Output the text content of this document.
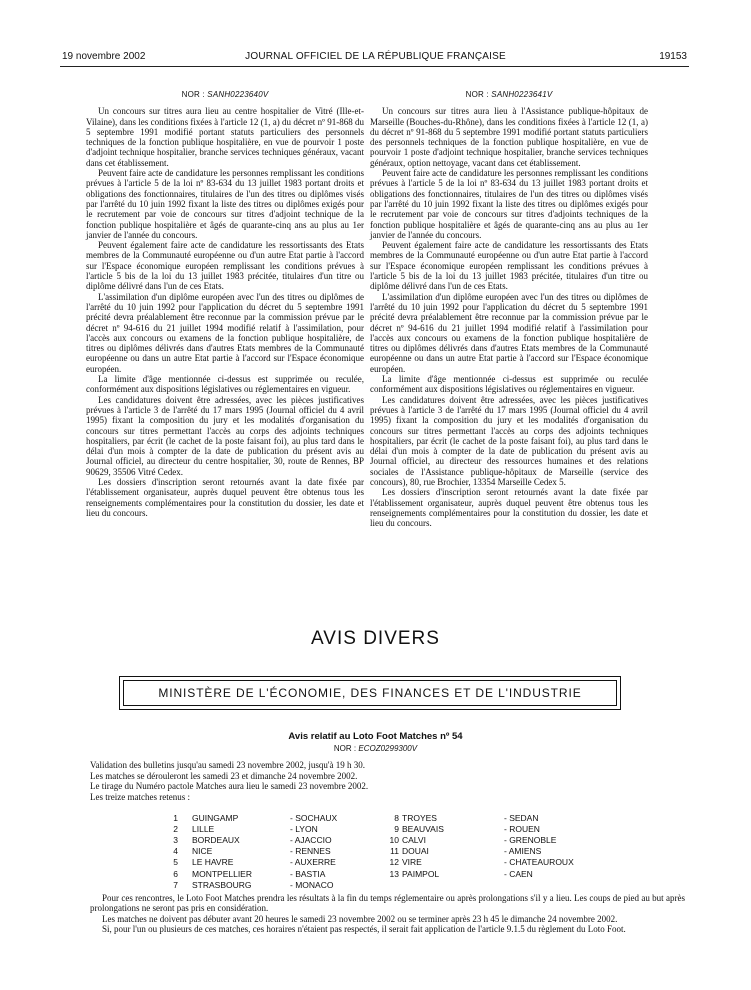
19 novembre 2002	JOURNAL OFFICIEL DE LA RÉPUBLIQUE FRANÇAISE	19153
NOR : SANH0223640V

Un concours sur titres aura lieu au centre hospitalier de Vitré (Ille-et-Vilaine), dans les conditions fixées à l'article 12 (1, a) du décret nº 91-868 du 5 septembre 1991 modifié portant statuts particuliers des personnels techniques de la fonction publique hospitalière, en vue de pourvoir 1 poste d'adjoint technique hospitalier, branche services techniques généraux, vacant dans cet établissement.

Peuvent faire acte de candidature les personnes remplissant les conditions prévues à l'article 5 de la loi nº 83-634 du 13 juillet 1983 portant droits et obligations des fonctionnaires, titulaires de l'un des titres ou diplômes visés par l'arrêté du 10 juin 1992 fixant la liste des titres ou diplômes exigés pour le recrutement par voie de concours sur titres d'adjoint technique de la fonction publique hospitalière et âgés de quarante-cinq ans au plus au 1er janvier de l'année du concours.

Peuvent également faire acte de candidature les ressortissants des Etats membres de la Communauté européenne ou d'un autre Etat partie à l'accord sur l'Espace économique européen remplissant les conditions prévues à l'article 5 bis de la loi du 13 juillet 1983 précitée, titulaires d'un titre ou diplôme délivré dans l'un de ces Etats.

L'assimilation d'un diplôme européen avec l'un des titres ou diplômes de l'arrêté du 10 juin 1992 pour l'application du décret du 5 septembre 1991 précité devra préalablement être reconnue par la commission prévue par le décret nº 94-616 du 21 juillet 1994 modifié relatif à l'assimilation, pour l'accès aux concours ou examens de la fonction publique hospitalière, de titres ou diplômes délivrés dans d'autres Etats membres de la Communauté européenne ou dans un autre Etat partie à l'accord sur l'Espace économique européen.

La limite d'âge mentionnée ci-dessus est supprimée ou reculée, conformément aux dispositions législatives ou réglementaires en vigueur.

Les candidatures doivent être adressées, avec les pièces justificatives prévues à l'article 3 de l'arrêté du 17 mars 1995 (Journal officiel du 4 avril 1995) fixant la composition du jury et les modalités d'organisation du concours sur titres permettant l'accès au corps des adjoints techniques hospitaliers, par écrit (le cachet de la poste faisant foi), au plus tard dans le délai d'un mois à compter de la date de publication du présent avis au Journal officiel, au directeur du centre hospitalier, 30, route de Rennes, BP 90629, 35506 Vitré Cedex.

Les dossiers d'inscription seront retournés avant la date fixée par l'établissement organisateur, auprès duquel peuvent être obtenus tous les renseignements complémentaires pour la constitution du dossier, les date et lieu du concours.

NOR : SANH0223641V

Un concours sur titres aura lieu à l'Assistance publique-hôpitaux de Marseille (Bouches-du-Rhône), dans les conditions fixées à l'article 12 (1, a) du décret nº 91-868 du 5 septembre 1991 modifié portant statuts particuliers des personnels techniques de la fonction publique hospitalière, en vue de pourvoir 1 poste d'adjoint technique hospitalier, branche services techniques généraux, option nettoyage, vacant dans cet établissement.

Peuvent faire acte de candidature les personnes remplissant les conditions prévues à l'article 5 de la loi nº 83-634 du 13 juillet 1983 portant droits et obligations des fonctionnaires, titulaires de l'un des titres ou diplômes visés par l'arrêté du 10 juin 1992 fixant la liste des titres ou diplômes exigés pour le recrutement par voie de concours sur titres d'adjoints techniques de la fonction publique hospitalière et âgés de quarante-cinq ans au plus au 1er janvier de l'année du concours.

Peuvent également faire acte de candidature les ressortissants des Etats membres de la Communauté européenne ou d'un autre Etat partie à l'accord sur l'Espace économique européen remplissant les conditions prévues à l'article 5 bis de la loi du 13 juillet 1983 précitée, titulaires d'un titre ou diplôme délivré dans l'un de ces Etats.

L'assimilation d'un diplôme européen avec l'un des titres ou diplômes de l'arrêté du 10 juin 1992 pour l'application du décret du 5 septembre 1991 précité devra préalablement être reconnue par la commission prévue par le décret nº 94-616 du 21 juillet 1994 modifié relatif à l'assimilation pour l'accès aux concours ou examens de la fonction publique hospitalière de titres ou diplômes délivrés dans d'autres Etats membres de la Communauté européenne ou dans un autre Etat partie à l'accord sur l'Espace économique européen.

La limite d'âge mentionnée ci-dessus est supprimée ou reculée conformément aux dispositions législatives ou réglementaires en vigueur.

Les candidatures doivent être adressées, avec les pièces justificatives prévues à l'article 3 de l'arrêté du 17 mars 1995 (Journal officiel du 4 avril 1995) fixant la composition du jury et les modalités d'organisation du concours sur titres permettant l'accès au corps des adjoints techniques hospitaliers, par écrit (le cachet de la poste faisant foi), au plus tard dans le délai d'un mois à compter de la date de publication du présent avis au Journal officiel, au directeur des ressources humaines et des relations sociales de l'Assistance publique-hôpitaux de Marseille (service des concours), 80, rue Brochier, 13354 Marseille Cedex 5.

Les dossiers d'inscription seront retournés avant la date fixée par l'établissement organisateur, auprès duquel peuvent être obtenus tous les renseignements complémentaires pour la constitution du dossier, les date et lieu du concours.

AVIS DIVERS
MINISTÈRE DE L'ÉCONOMIE, DES FINANCES ET DE L'INDUSTRIE
Avis relatif au Loto Foot Matches nº 54
NOR : ECOZ0299300V

Validation des bulletins jusqu'au samedi 23 novembre 2002, jusqu'à 19 h 30.

Les matches se dérouleront les samedi 23 et dimanche 24 novembre 2002.

Le tirage du Numéro pactole Matches aura lieu le samedi 23 novembre 2002.

Les treize matches retenus :

1 GUINGAMP	- SOCHAUX
2 LILLE	- LYON
3 BORDEAUX	- AJACCIO
4 NICE	- RENNES
5 LE HAVRE	- AUXERRE
6 MONTPELLIER	- BASTIA
7 STRASBOURG	- MONACO
8 TROYES	- SEDAN
9 BEAUVAIS	- ROUEN
10 CALVI	- GRENOBLE
11 DOUAI	- AMIENS
12 VIRE	- CHATEAUROUX
13 PAIMPOL	- CAEN

Pour ces rencontres, le Loto Foot Matches prendra les résultats à la fin du temps réglementaire ou après prolongations s'il y a lieu. Les coups de pied au but après prolongations ne seront pas pris en considération.

Les matches ne doivent pas débuter avant 20 heures le samedi 23 novembre 2002 ou se terminer après 23 h 45 le dimanche 24 novembre 2002.

Si, pour l'un ou plusieurs de ces matches, ces horaires n'étaient pas respectés, il serait fait application de l'article 9.1.5 du règlement du Loto Foot.
